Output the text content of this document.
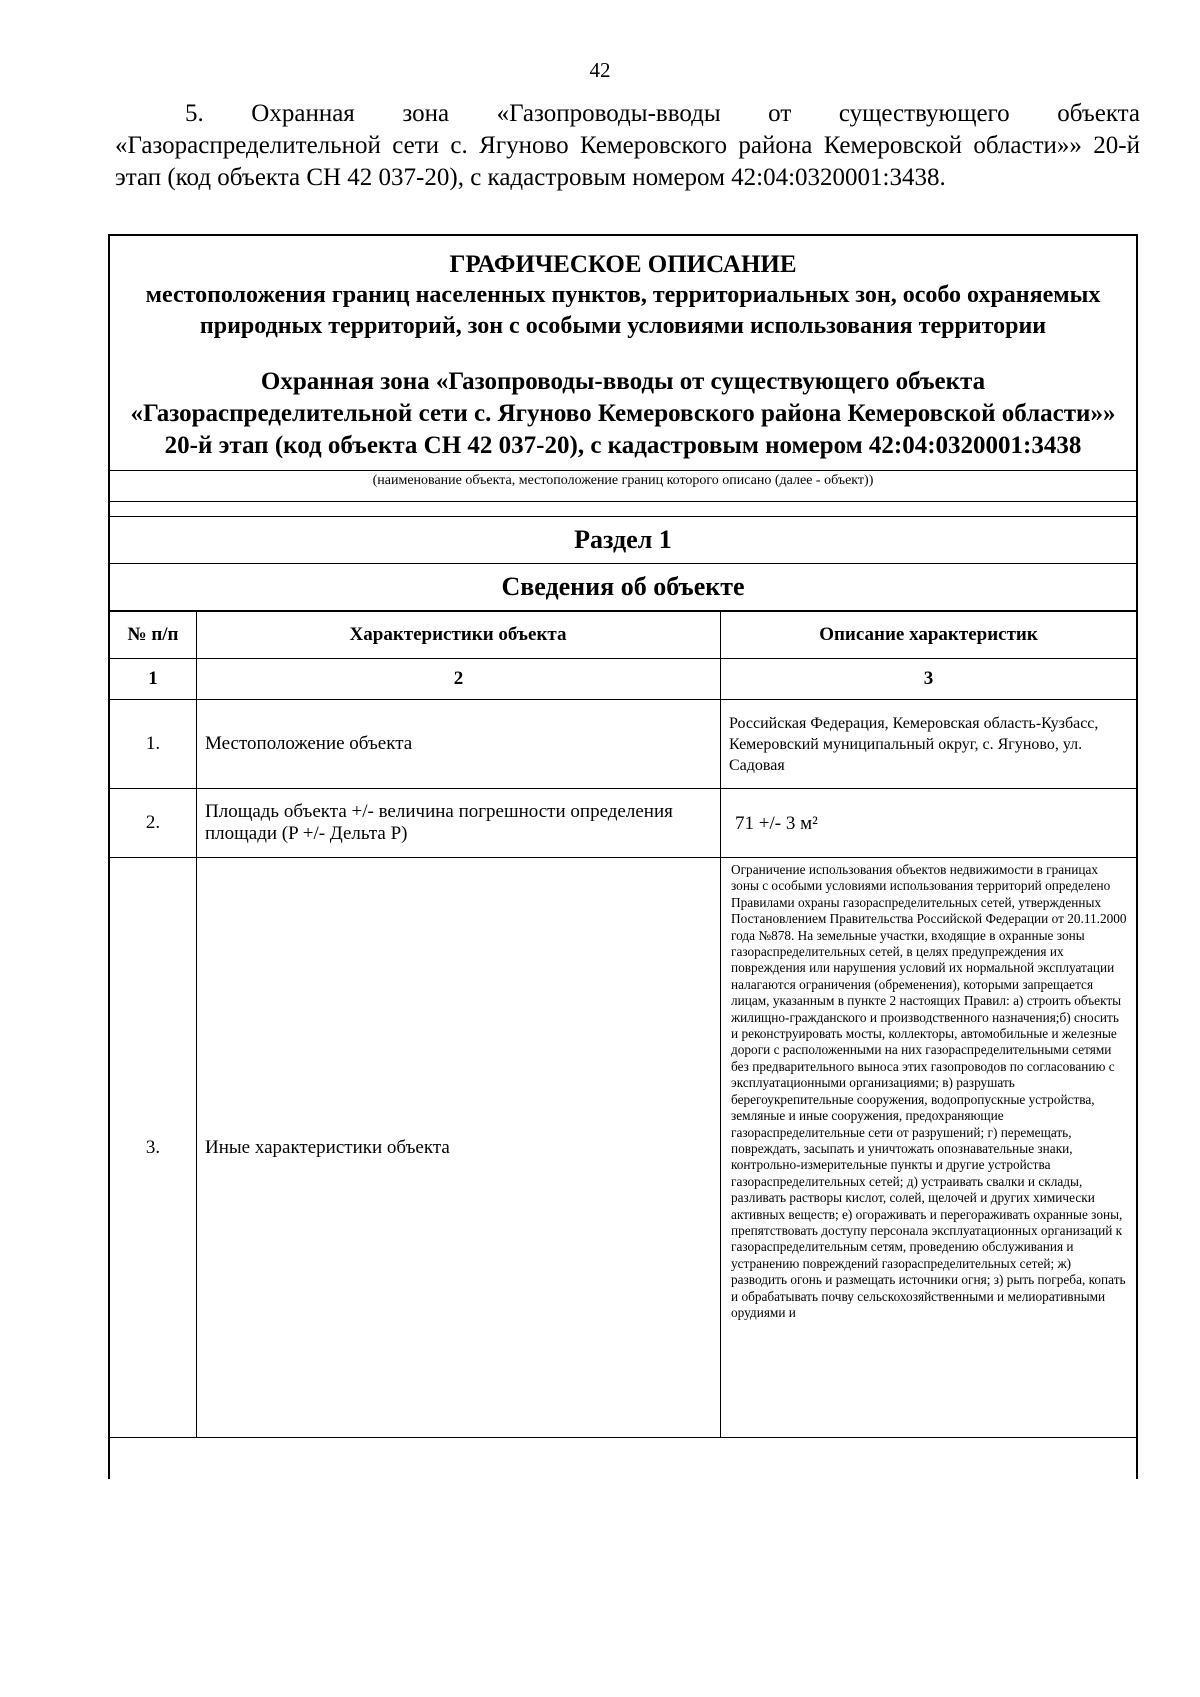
42
5. Охранная зона «Газопроводы-вводы от существующего объекта «Газораспределительной сети с. Ягуново Кемеровского района Кемеровской области»» 20-й этап (код объекта СН 42 037-20), с кадастровым номером 42:04:0320001:3438.
ГРАФИЧЕСКОЕ ОПИСАНИЕ
местоположения границ населенных пунктов, территориальных зон, особо охраняемых природных территорий, зон с особыми условиями использования территории
Охранная зона «Газопроводы-вводы от существующего объекта «Газораспределительной сети с. Ягуново Кемеровского района Кемеровской области»» 20-й этап (код объекта СН 42 037-20), с кадастровым номером 42:04:0320001:3438
(наименование объекта, местоположение границ которого описано (далее - объект))
Раздел 1
Сведения об объекте
№ п/п	Характеристики объекта	Описание характеристик
1	2	3
1.	Местоположение объекта	Российская Федерация, Кемеровская область-Кузбасс, Кемеровский муниципальный округ, с. Ягуново, ул. Садовая
2.	Площадь объекта +/- величина погрешности определения площади (P +/- Дельта P)	71 +/- 3 м²
3.	Иные характеристики объекта	Ограничение использования объектов недвижимости в границах зоны с особыми условиями использования территорий определено Правилами охраны газораспределительных сетей, утвержденных Постановлением Правительства Российской Федерации от 20.11.2000 года №878. На земельные участки, входящие в охранные зоны газораспределительных сетей, в целях предупреждения их повреждения или нарушения условий их нормальной эксплуатации налагаются ограничения (обременения), которыми запрещается лицам, указанным в пункте 2 настоящих Правил: а) строить объекты жилищно-гражданского и производственного назначения;б) сносить и реконструировать мосты, коллекторы, автомобильные и железные дороги с расположенными на них газораспределительными сетями без предварительного выноса этих газопроводов по согласованию с эксплуатационными организациями; в) разрушать берегоукрепительные сооружения, водопропускные устройства, земляные и иные сооружения, предохраняющие газораспределительные сети от разрушений; г) перемещать, повреждать, засыпать и уничтожать опознавательные знаки, контрольно-измерительные пункты и другие устройства газораспределительных сетей; д) устраивать свалки и склады, разливать растворы кислот, солей, щелочей и других химически активных веществ; е) огораживать и перегораживать охранные зоны, препятствовать доступу персонала эксплуатационных организаций к газораспределительным сетям, проведению обслуживания и устранению повреждений газораспределительных сетей; ж) разводить огонь и размещать источники огня; з) рыть погреба, копать и обрабатывать почву сельскохозяйственными и мелиоративными орудиями и
